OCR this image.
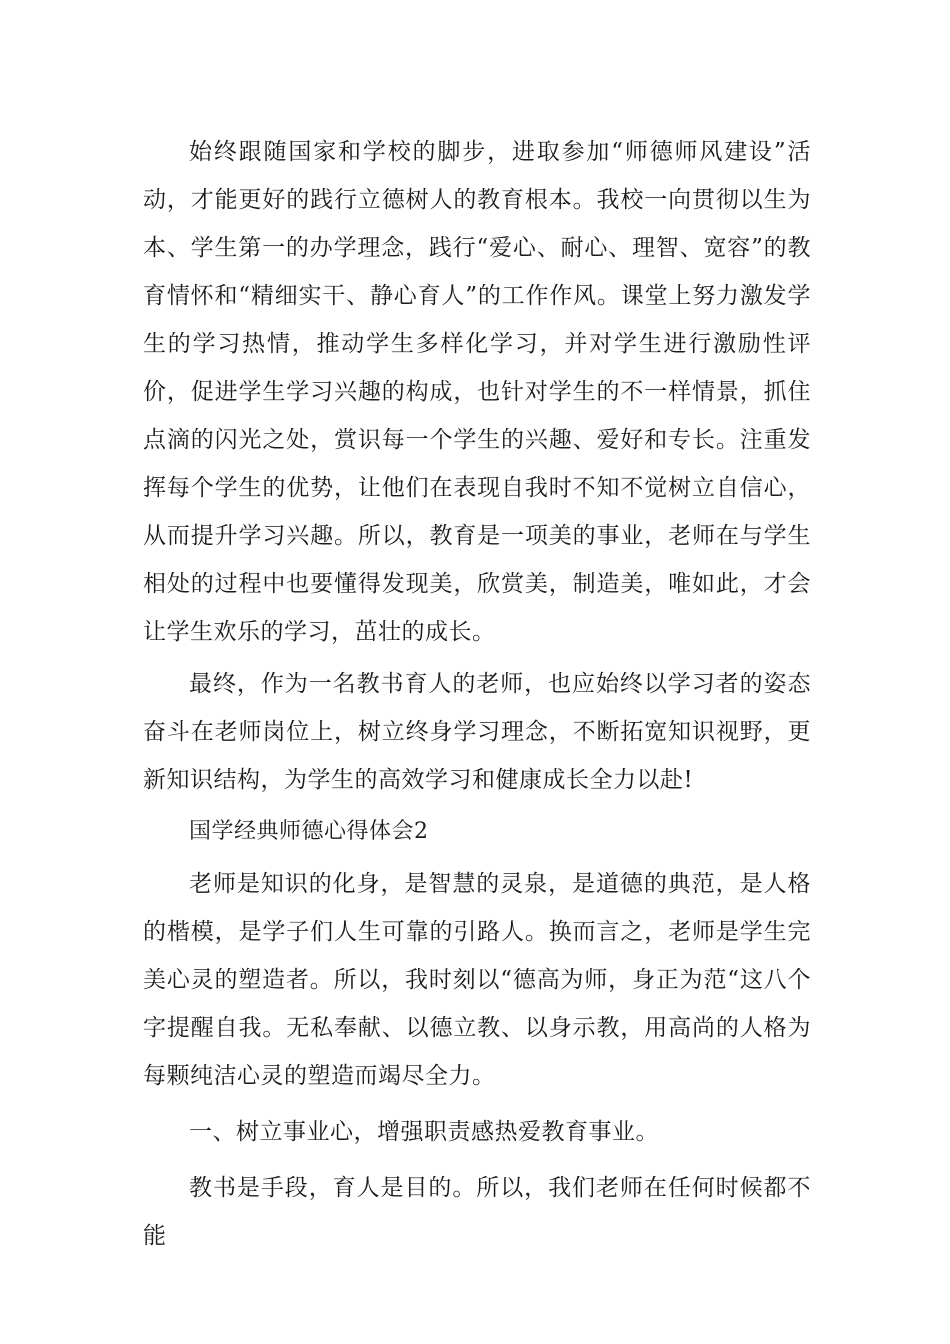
始终跟随国家和学校的脚步，进取参加“师德师风建设”活动，才能更好的践行立德树人的教育根本。我校一向贯彻以生为本、学生第一的办学理念，践行“爱心、耐心、理智、宽容”的教育情怀和“精细实干、静心育人”的工作作风。课堂上努力激发学生的学习热情，推动学生多样化学习，并对学生进行激励性评价，促进学生学习兴趣的构成，也针对学生的不一样情景，抓住点滴的闪光之处，赏识每一个学生的兴趣、爱好和专长。注重发挥每个学生的优势，让他们在表现自我时不知不觉树立自信心，从而提升学习兴趣。所以，教育是一项美的事业，老师在与学生相处的过程中也要懂得发现美，欣赏美，制造美，唯如此，才会让学生欢乐的学习，茁壮的成长。

最终，作为一名教书育人的老师，也应始终以学习者的姿态奋斗在老师岗位上，树立终身学习理念，不断拓宽知识视野，更新知识结构，为学生的高效学习和健康成长全力以赴!

国学经典师德心得体会2

老师是知识的化身，是智慧的灵泉，是道德的典范，是人格的楷模，是学子们人生可靠的引路人。换而言之，老师是学生完美心灵的塑造者。所以，我时刻以“德高为师，身正为范“这八个字提醒自我。无私奉献、以德立教、以身示教，用高尚的人格为每颗纯洁心灵的塑造而竭尽全力。

一、树立事业心，增强职责感热爱教育事业。

教书是手段，育人是目的。所以，我们老师在任何时候都不能
